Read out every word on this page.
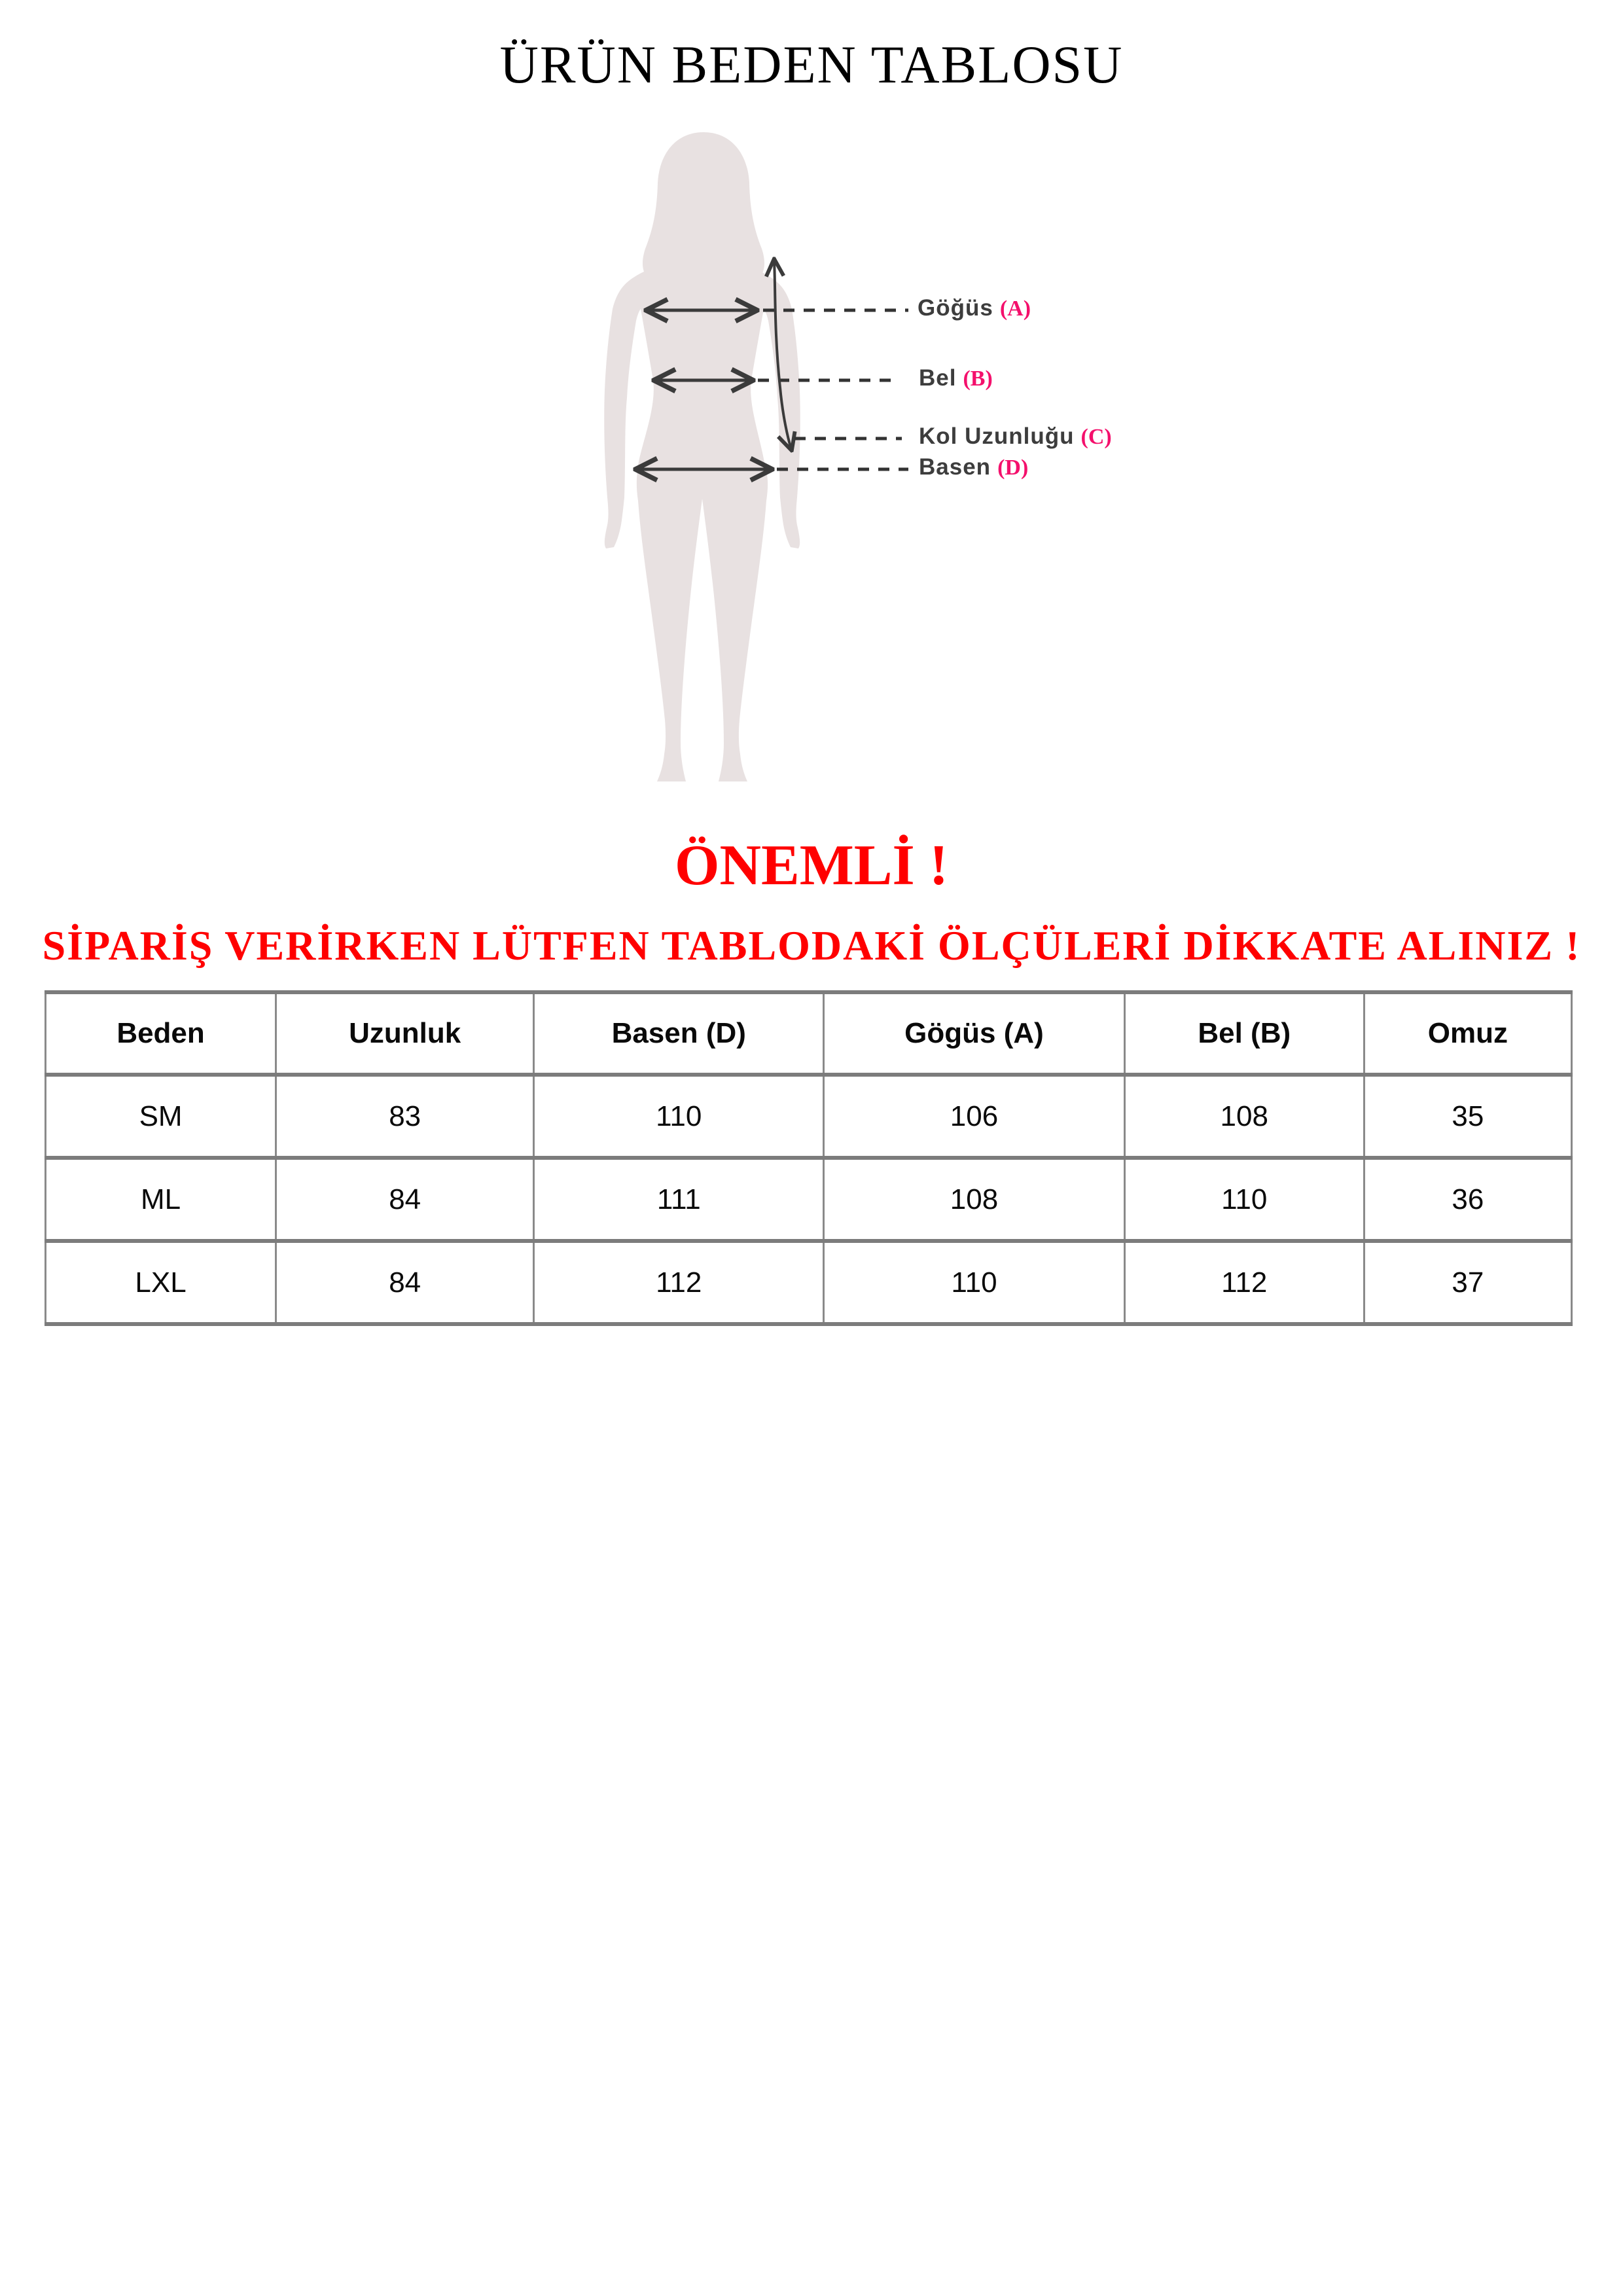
ÜRÜN BEDEN TABLOSU
Göğüs (A)
Bel (B)
Kol Uzunluğu (C)
Basen (D)
ÖNEMLİ !
SİPARİŞ VERİRKEN LÜTFEN TABLODAKİ ÖLÇÜLERİ DİKKATE ALINIZ !
Beden	Uzunluk	Basen (D)	Gögüs (A)	Bel (B)	Omuz
SM	83	110	106	108	35
ML	84	111	108	110	36
LXL	84	112	110	112	37
